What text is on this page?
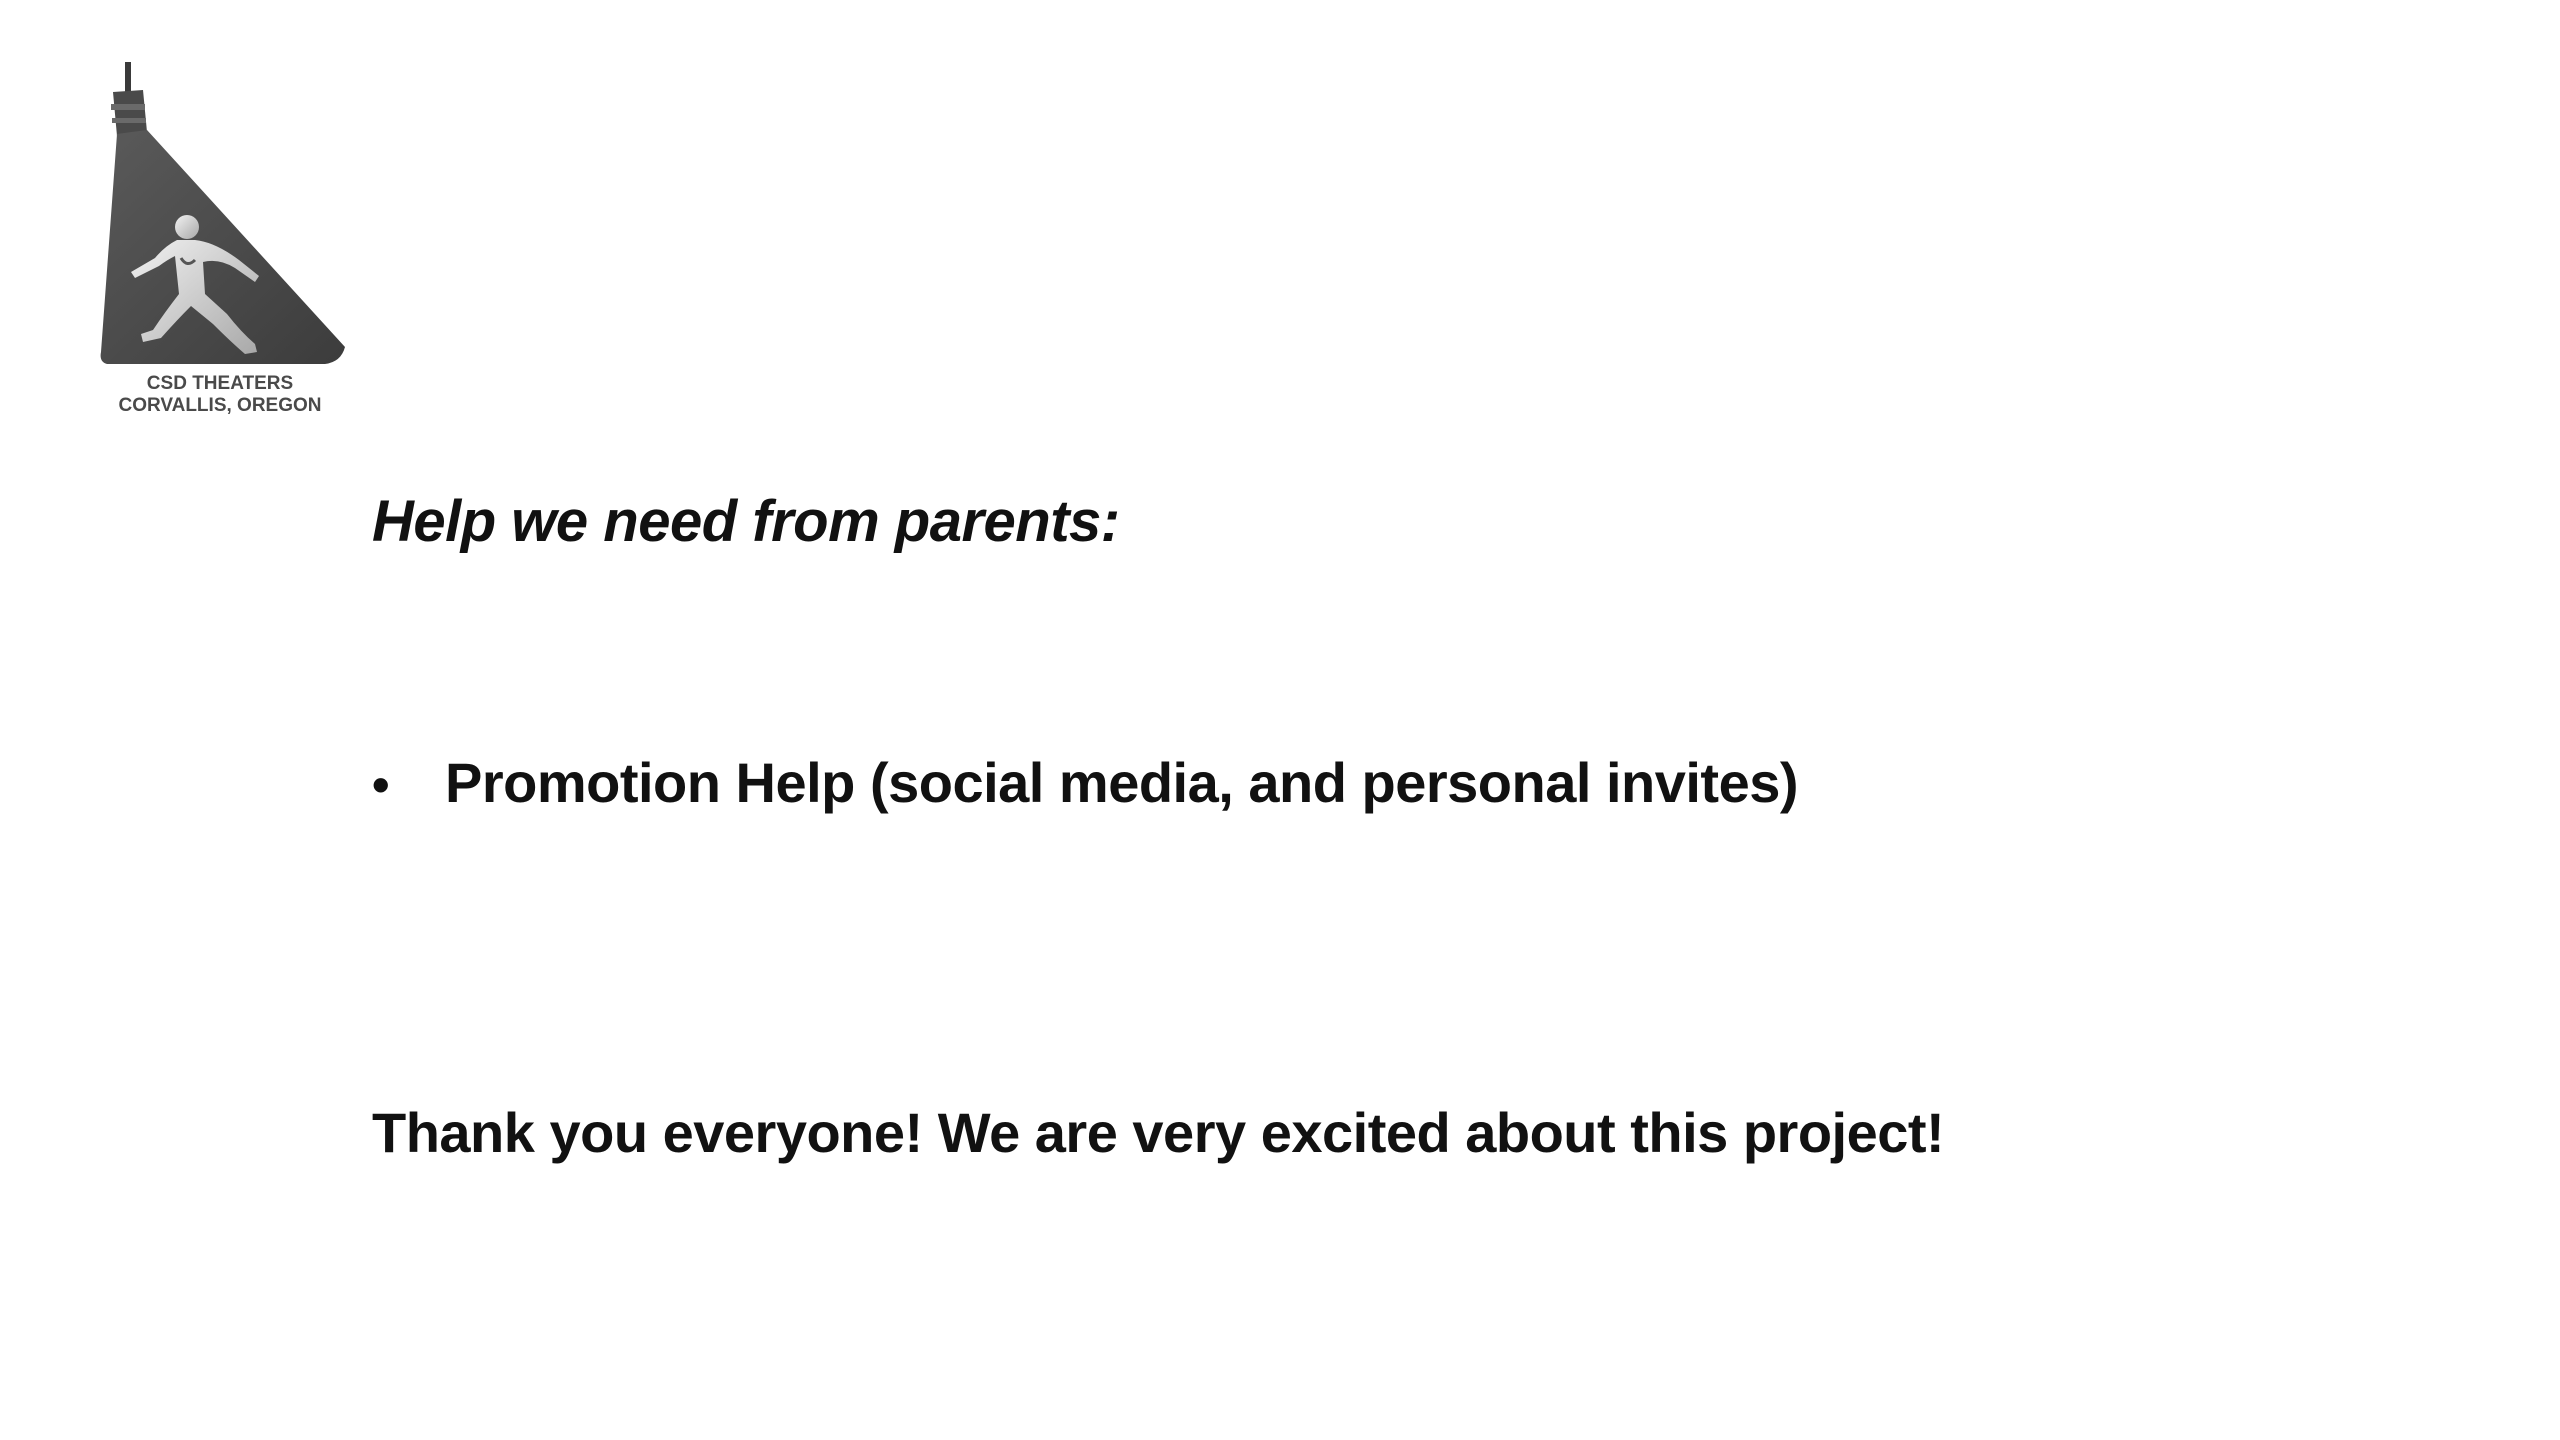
CSD THEATERS
CORVALLIS, OREGON
Help we need from parents:
• Promotion Help (social media, and personal invites)
Thank you everyone! We are very excited about this project!
